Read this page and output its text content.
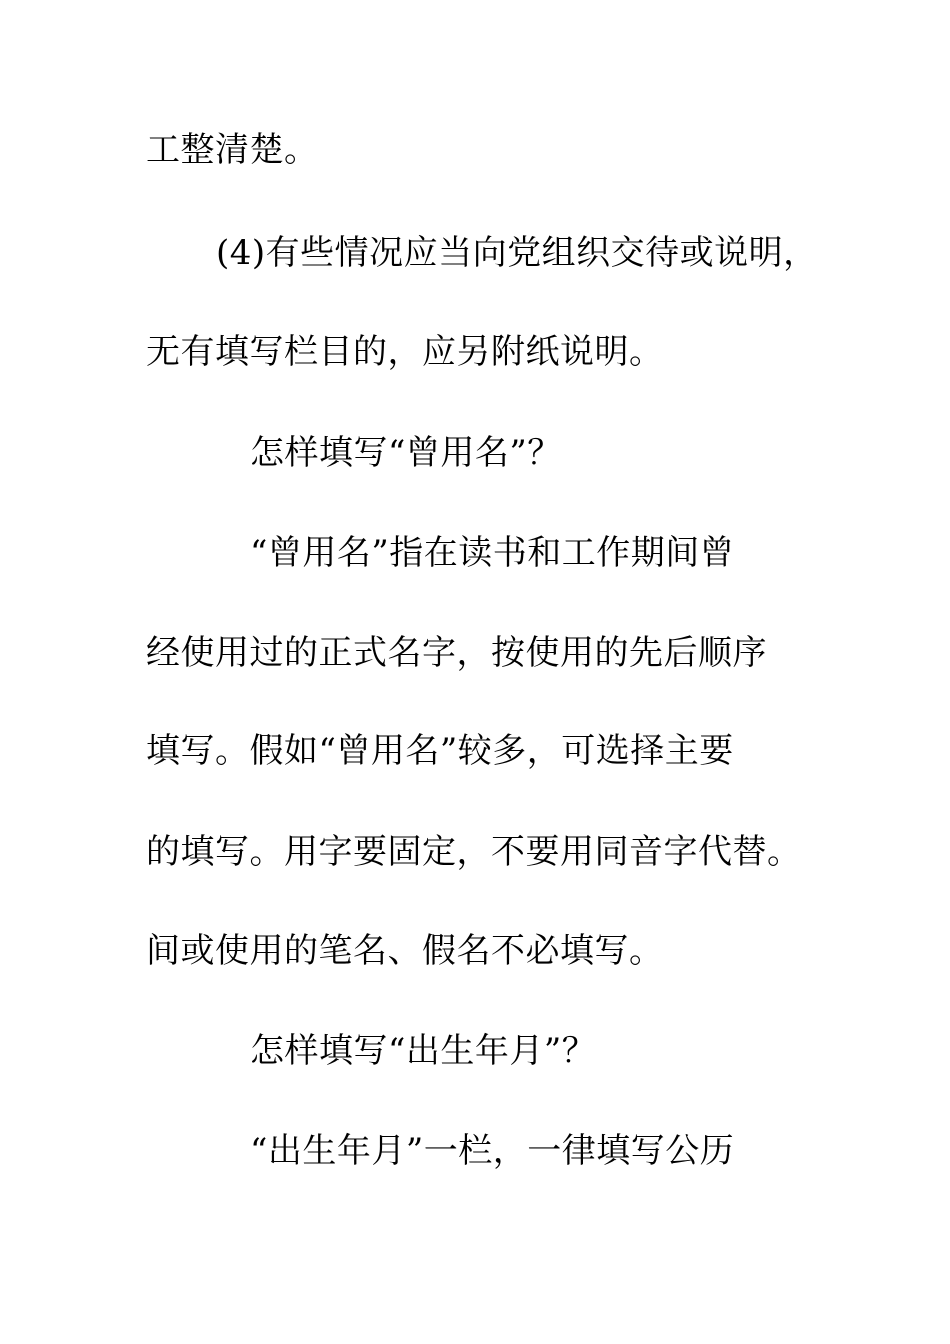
工整清楚。
(4)有些情况应当向党组织交待或说明，
无有填写栏目的，应另附纸说明。
怎样填写“曾用名”？
“曾用名”指在读书和工作期间曾
经使用过的正式名字，按使用的先后顺序
填写。假如“曾用名”较多，可选择主要
的填写。用字要固定，不要用同音字代替。
间或使用的笔名、假名不必填写。
怎样填写“出生年月”？
“出生年月”一栏，一律填写公历
